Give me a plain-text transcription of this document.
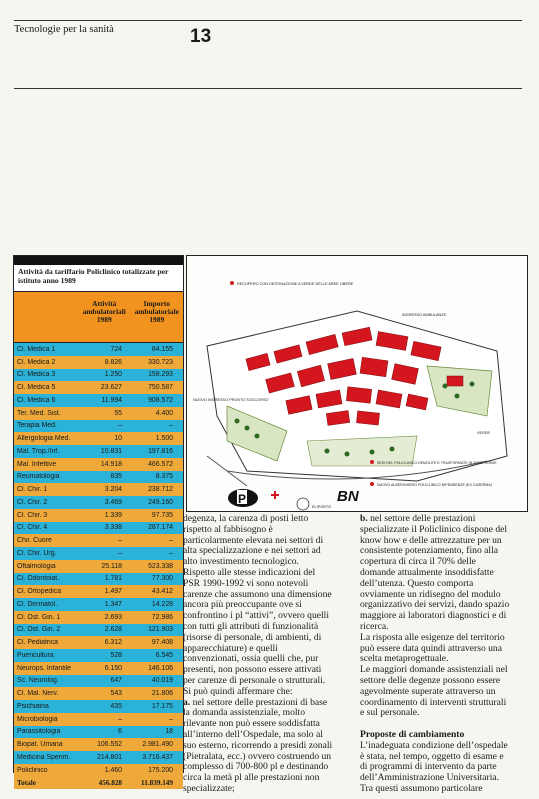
Tecnologie per la sanità	13
Attività da tariffario Policlinico totalizzate per
istituto anno 1989
Attività
ambulatoriali
1989
Importo
ambulatoriale
1989
Cl. Medica 1	724	84.155
Cl. Medica 2	8.826	330.723
Cl. Medica 3	1.250	158.293
Cl. Medica 5	23.627	750.587
Cl. Medica 6	11.994	908.572
Ter. Med. Sist.	55	4.400
Terapia Med.	–	–
Allergologia Med.	10	1.500
Mal. Trop./Inf.	10.831	197.816
Mal. Infettive	14.918	466.572
Reumatologia	835	8.375
Cl. Chir. 1	3.204	238.712
Cl. Chir. 2	3.469	249.160
Cl. Chir. 3	1.339	97.735
Cl. Chir. 4	3.338	287.174
Chir. Cuore	–	–
Cl. Chir. Urg.	–	–
Oftalmologia	25.118	523.338
Cl. Odontoiat.	1.781	77.300
Cl. Ortopedica	1.497	43.412
Cl. Dermatol.	1.347	14.228
Cl. Ost. Gin. 1	2.693	72.986
Cl. Ost. Gin. 2	2.628	121.903
Cl. Pediatrica	6.312	97.408
Puericultura	528	6.545
Neurops. Infantile	6.150	146.106
Sc. Neurolog.	647	40.019
Cl. Mal. Nerv.	543	21.806
Psichiatria	435	17.175
Microbiologia	–	–
Parassitologia	6	18
Biopat. Umana	106.552	2.981.490
Medicina Sperim.	214.801	3.716.437
Policlinico	1.460	175.200
Totale	456.828	11.839.149
RECUPERO CON DESTINAZIONE A VERDE DELLE AREE LIBERE
INGRESSO AMBULANZE
NUOVO INGRESSO PRONTO SOCCORSO
VERDE
BN
ELIPORTO
SEDI DEL POLICLINICO DEMOLITE E TRASFORMATE IN ZONE VERDE
NUOVO ALBERGHIERO POLICLINICO DIPENDENZE (EX CASERMA)
P
degenza, la carenza di posti letto
rispetto al fabbisogno è
particolarmente elevata nei settori di
alta specializzazione e nei settori ad
alto investimento tecnologico.
Rispetto alle stesse indicazioni del
PSR 1990-1992 vi sono notevoli
carenze che assumono una dimensione
ancora più preoccupante ove si
confrontino i pl “attivi”, ovvero quelli
con tutti gli attributi di funzionalità
(risorse di personale, di ambienti, di
apparecchiature) e quelli
convenzionati, ossia quelli che, pur
presenti, non possono essere attivati
per carenze di personale o strutturali.
Si può quindi affermare che:
a. nel settore delle prestazioni di base
la domanda assistenziale, molto
rilevante non può essere soddisfatta
all’interno dell’Ospedale, ma solo al
suo esterno, ricorrendo a presidi zonali
(Pietralata, ecc.) ovvero costruendo un
complesso di 700-800 pl e destinando
circa la metà pl alle prestazioni non
specializzate;
b. nel settore delle prestazioni
specializzate il Policlinico dispone del
know how e delle attrezzature per un
consistente potenziamento, fino alla
copertura di circa il 70% delle
domande attualmente insoddisfatte
dell’utenza. Questo comporta
ovviamente un ridisegno del modulo
organizzativo dei servizi, dando spazio
maggiore ai laboratori diagnostici e di
ricerca.
La risposta alle esigenze del territorio
può essere data quindi attraverso una
scelta metaprogettuale.
Le maggiori domande assistenziali nel
settore delle degenze possono essere
agevolmente superate attraverso un
coordinamento di interventi strutturali
e sul personale.
Proposte di cambiamento
L’inadeguata condizione dell’ospedale
è stata, nel tempo, oggetto di esame e
di programmi di intervento da parte
dell’Amministrazione Universitaria.
Tra questi assumono particolare
